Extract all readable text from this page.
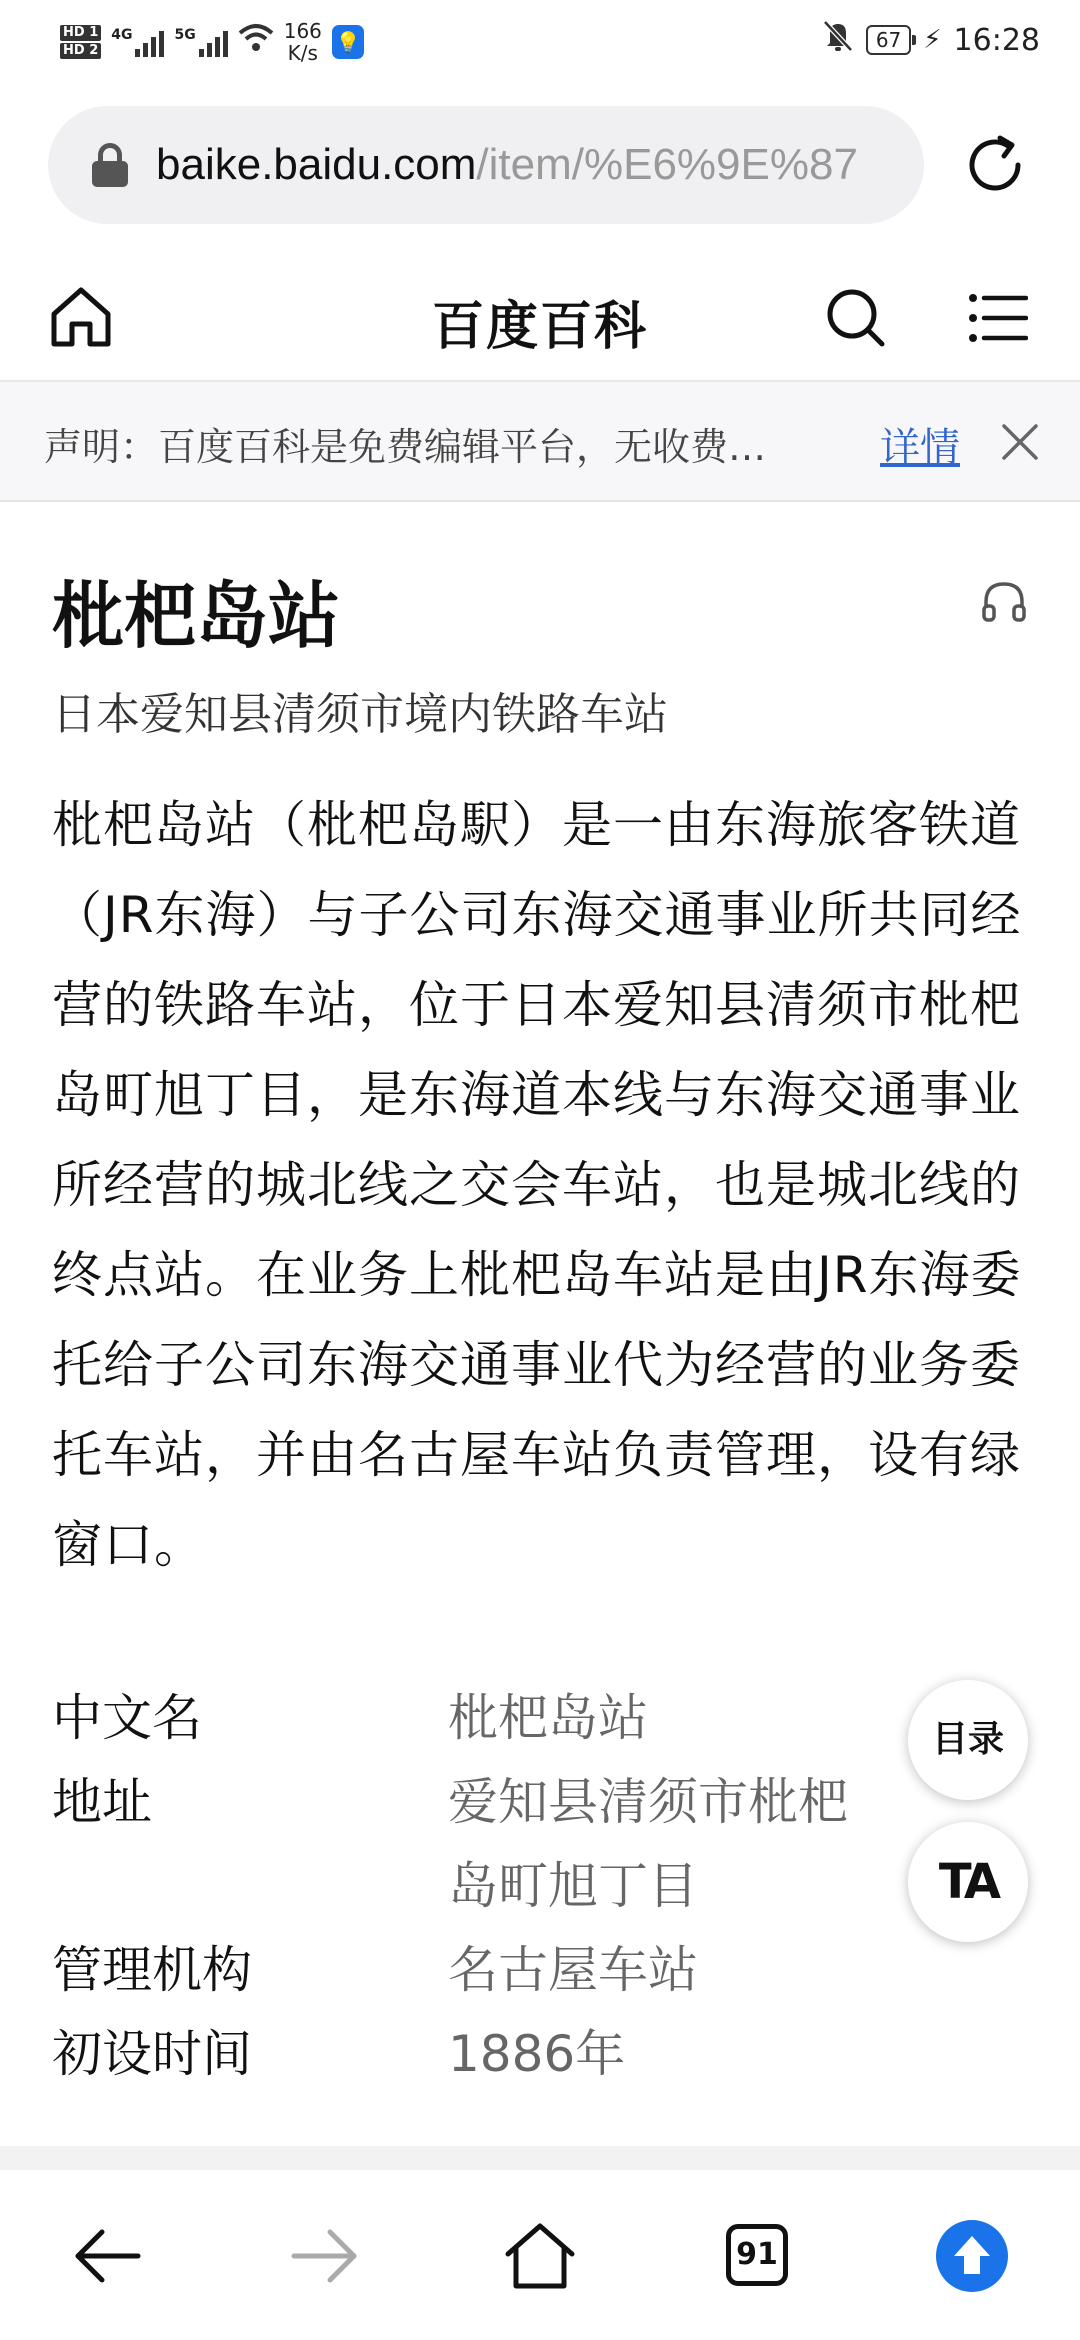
HD 1
HD 2
4G	5G	166
K/s 💡	67 ⚡ 16:28
baike.baidu.com/item/%E6%9E%87
百度百科
声明：百度百科是免费编辑平台，无收费…	详情
枇杷岛站
日本爱知县清须市境内铁路车站
枇杷岛站（枇杷岛駅）是一由东海旅客铁道（JR东海）与子公司东海交通事业所共同经营的铁路车站，位于日本爱知县清须市枇杷岛町旭丁目，是东海道本线与东海交通事业所经营的城北线之交会车站，也是城北线的终点站。在业务上枇杷岛车站是由JR东海委托给子公司东海交通事业代为经营的业务委托车站，并由名古屋车站负责管理，设有绿窗口。
中文名	枇杷岛站
地址	爱知县清须市枇杷岛町旭丁目
管理机构	名古屋车站
初设时间	1886年
目录
TA
91
